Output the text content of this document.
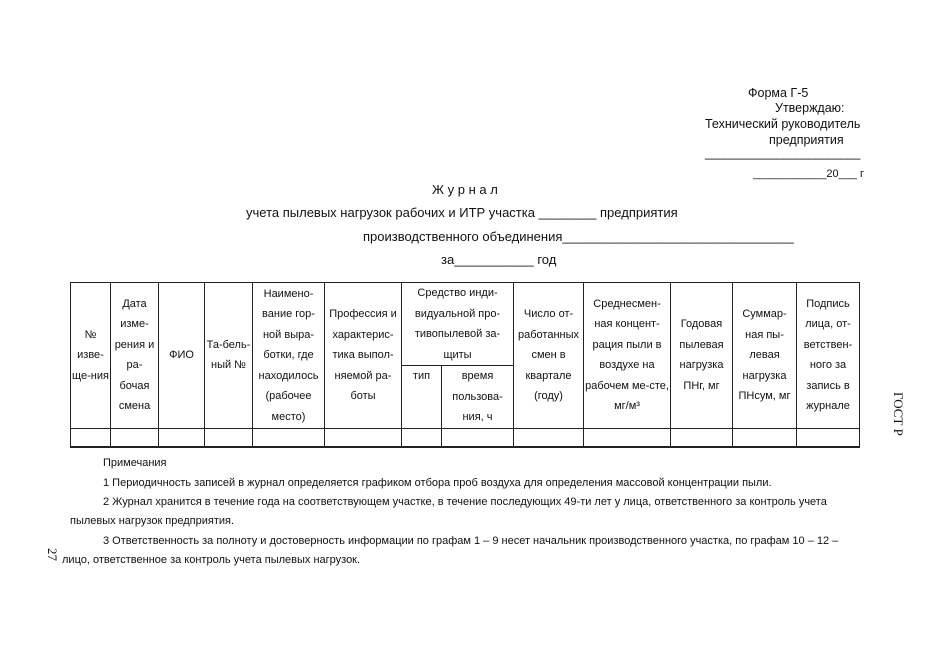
Форма Г-5
Утверждаю:
Технический руководитель
предприятия
________________________
____________20___ г
Ж у р н а л
учета пылевых нагрузок рабочих и ИТР участка ________ предприятия
производственного объединения________________________________
за___________ год
№ изве-ще-ния	Дата изме-рения и ра-бочая смена	ФИО	Та-бель-ный №	Наимено-вание гор-ной выра-ботки, где находилось (рабочее место)	Профессия и характерис-тика выпол-няемой ра-боты	Средство инди-видуальной про-тивопылевой за-щиты		Число от-работанных смен в квартале (году)	Среднесмен-ная концент-рация пыли в воздухе на рабочем ме-сте, мг/м³	Годовая пылевая нагрузка ПНг, мг	Суммар-ная пы-левая нагрузка ПНсум, мг	Подпись лица, от-ветствен-ного за запись в журнале
						тип	время пользова-ния, ч					

Примечания
1 Периодичность записей в журнал определяется графиком отбора проб воздуха для определения массовой концентрации пыли.
2 Журнал хранится в течение года на соответствующем участке, в течение последующих 49-ти лет у лица, ответственного за контроль учета
пылевых нагрузок предприятия.
3 Ответственность за полноту и достоверность информации по графам 1 – 9 несет начальник производственного участка, по графам 10 – 12 –
лицо, ответственное за контроль учета пылевых нагрузок.
ГОСТ Р
27
